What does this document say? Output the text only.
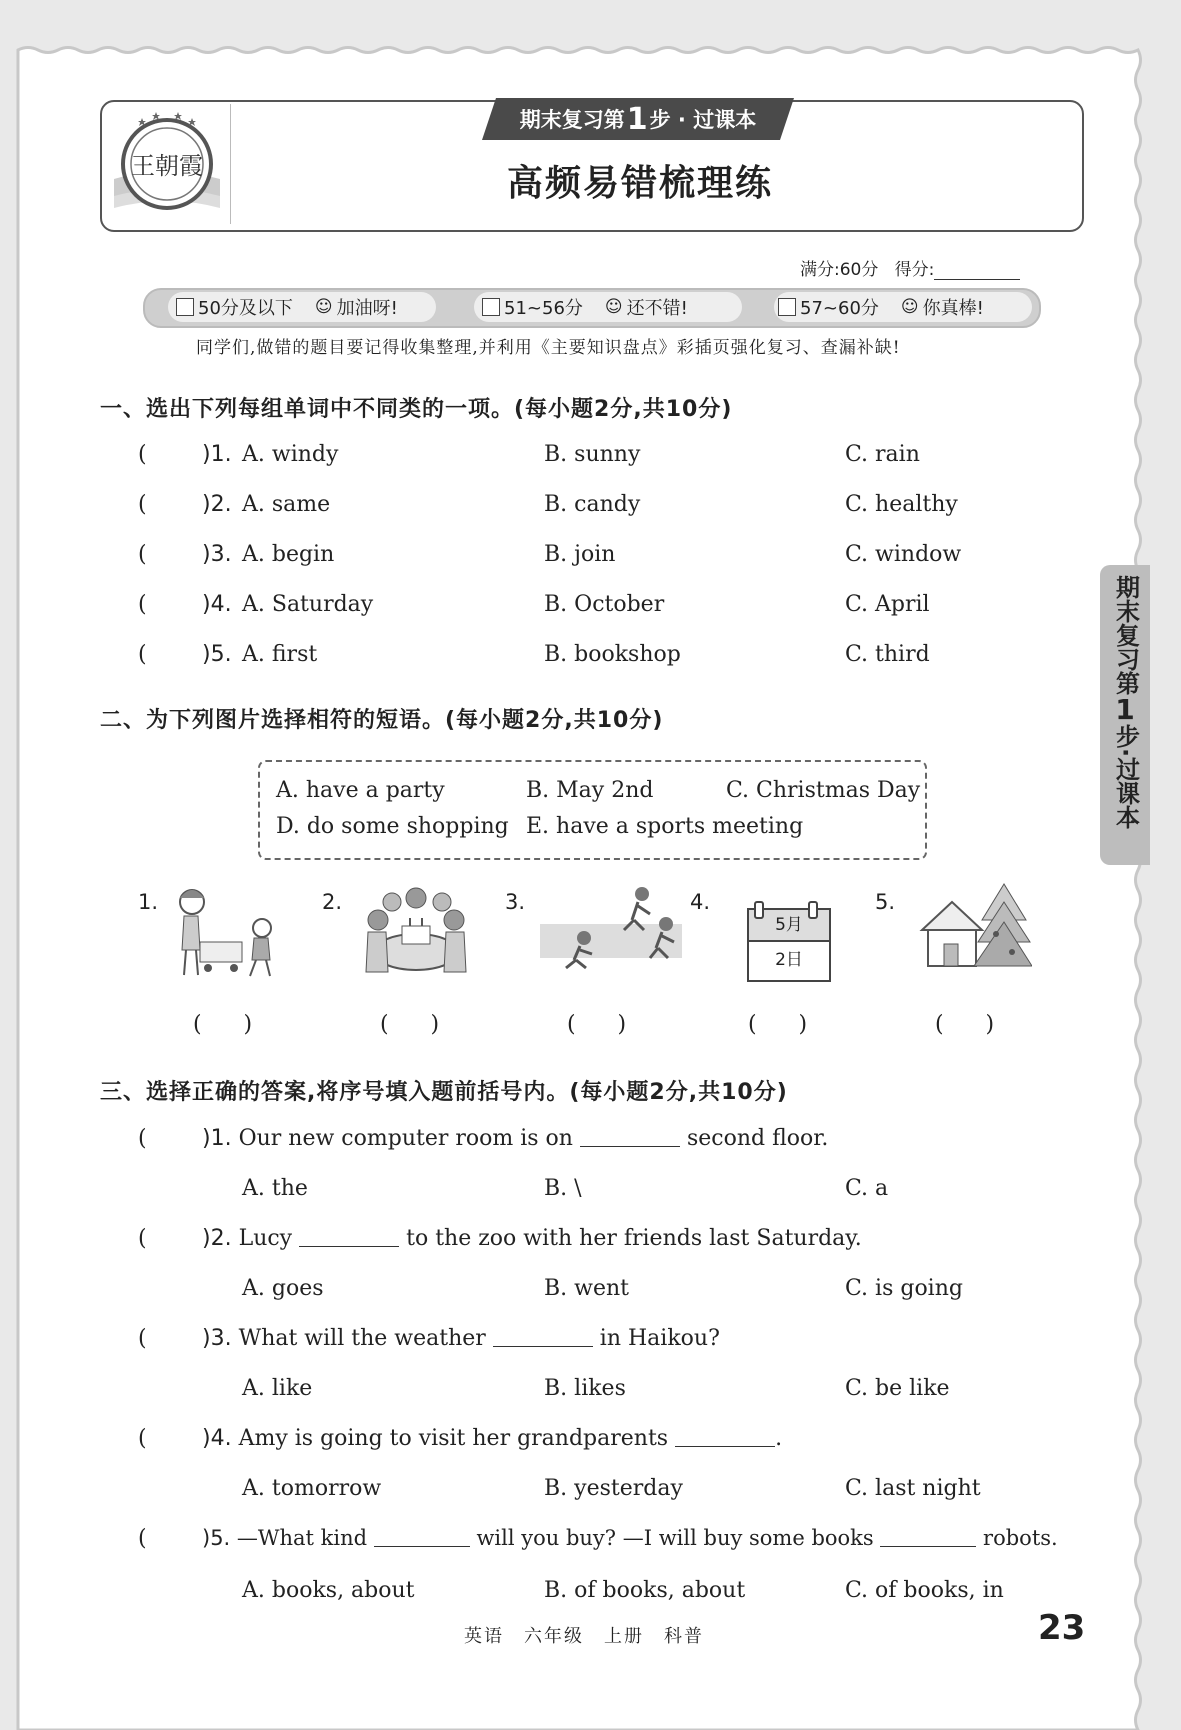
王朝霞
期末复习第 1 步 · 过课本
高频易错梳理练
满分:60分 得分:
50分及以下 ☺ 加油呀!	51~56分 ☺ 还不错!	57~60分 ☺ 你真棒!
同学们,做错的题目要记得收集整理,并利用《主要知识盘点》彩插页强化复习、查漏补缺!
一、选出下列每组单词中不同类的一项。(每小题2分,共10分)
(	)1. A. windy	B. sunny	C. rain
(	)2. A. same	B. candy	C. healthy
(	)3. A. begin	B. join	C. window
(	)4. A. Saturday	B. October	C. April
(	)5. A. first	B. bookshop	C. third
二、为下列图片选择相符的短语。(每小题2分,共10分)
A. have a party	B. May 2nd	C. Christmas Day
D. do some shopping E. have a sports meeting
1.	2.	3.	4.
5月
2日
5.
(      )	(      )	(      )	(      )	(      )
三、选择正确的答案,将序号填入题前括号内。(每小题2分,共10分)
(	)1. Our new computer room is on	second floor.
A. the	B. \	C. a
(	)2. Lucy	to the zoo with her friends last Saturday.
A. goes	B. went	C. is going
(	)3. What will the weather	in Haikou?
A. like	B. likes	C. be like
(	)4. Amy is going to visit her grandparents	.
A. tomorrow	B. yesterday	C. last night
(	)5. —What kind	will you buy? —I will buy some books	robots.
A. books, about	B. of books, about	C. of books, in
期末复习第
1
步·过课本
英语　六年级　上册　科普	23
